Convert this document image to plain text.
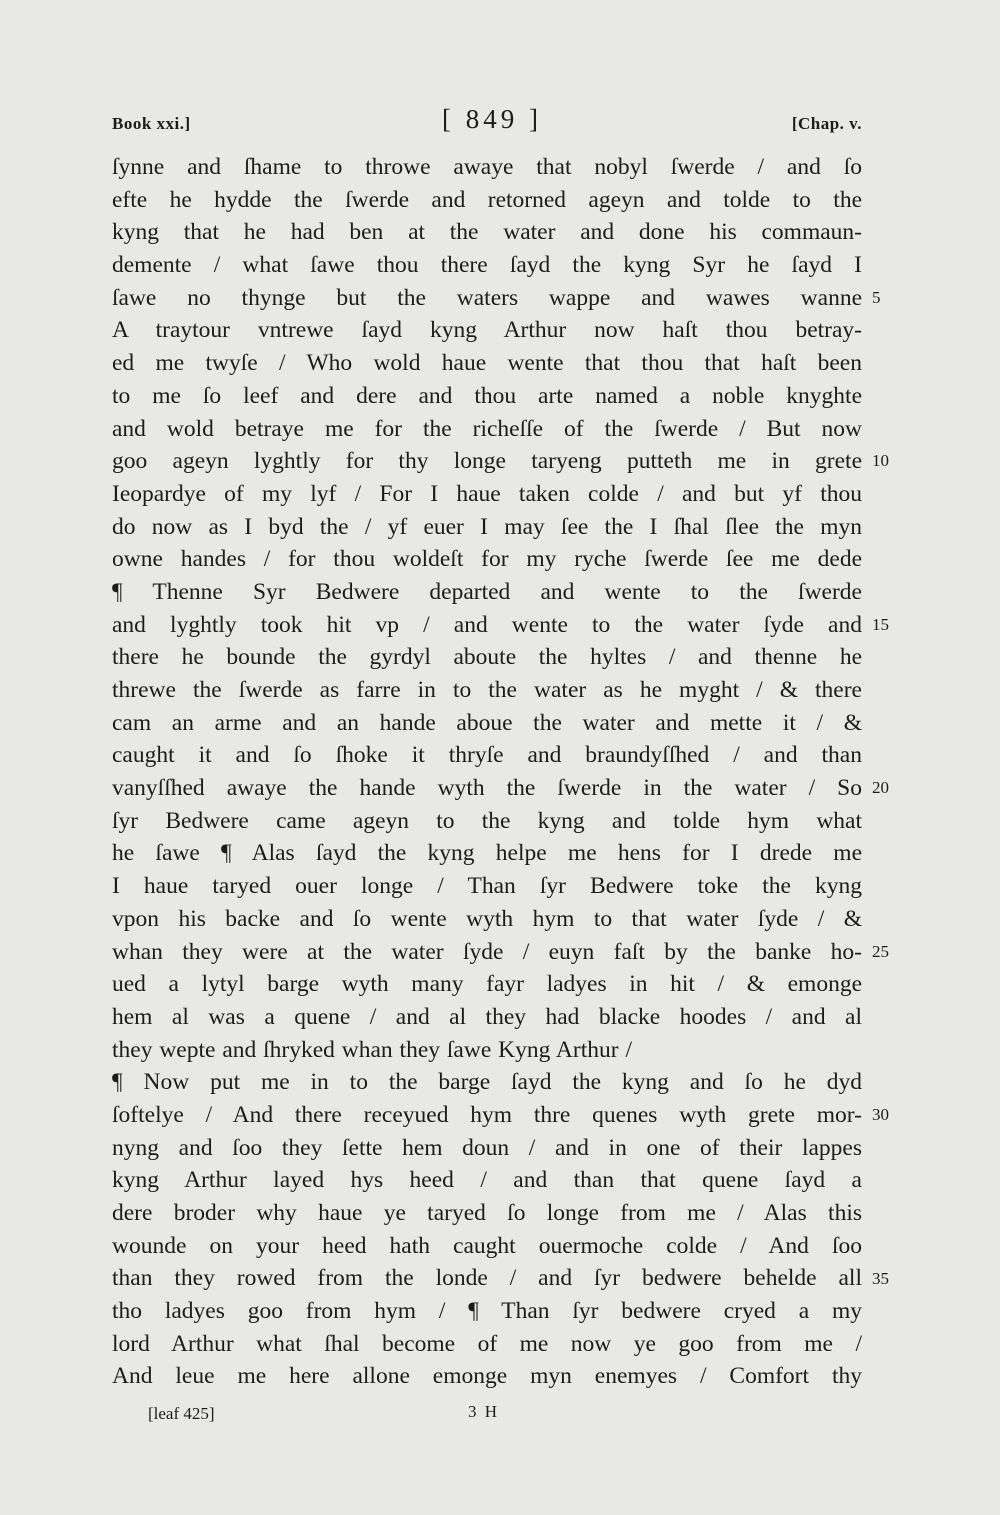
Book xxi.]	[ 849 ]	[Chap. v.
ſynne and ſhame to throwe awaye that nobyl ſwerde / and ſo
efte he hydde the ſwerde and retorned ageyn and tolde to the
kyng that he had ben at the water and done his commaun-
demente / what ſawe thou there ſayd the kyng Syr he ſayd I
ſawe no thynge but the waters wappe and wawes wanne
A traytour vntrewe ſayd kyng Arthur now haſt thou betray-
ed me twyſe / Who wold haue wente that thou that haſt been
to me ſo leef and dere and thou arte named a noble knyghte
and wold betraye me for the richeſſe of the ſwerde / But now
goo ageyn lyghtly for thy longe taryeng putteth me in grete
Ieopardye of my lyf / For I haue taken colde / and but yf thou
do now as I byd the / yf euer I may ſee the I ſhal ſlee the myn
owne handes / for thou woldeſt for my ryche ſwerde ſee me dede
¶ Thenne Syr Bedwere departed and wente to the ſwerde
and lyghtly took hit vp / and wente to the water ſyde and
there he bounde the gyrdyl aboute the hyltes / and thenne he
threwe the ſwerde as farre in to the water as he myght / & there
cam an arme and an hande aboue the water and mette it / &
caught it and ſo ſhoke it thryſe and braundyſſhed / and than
vanyſſhed awaye the hande wyth the ſwerde in the water / So
ſyr Bedwere came ageyn to the kyng and tolde hym what
he ſawe ¶ Alas ſayd the kyng helpe me hens for I drede me
I haue taryed ouer longe / Than ſyr Bedwere toke the kyng
vpon his backe and ſo wente wyth hym to that water ſyde / &
whan they were at the water ſyde / euyn faſt by the banke ho-
ued a lytyl barge wyth many fayr ladyes in hit / & emonge
hem al was a quene / and al they had blacke hoodes / and al
they wepte and ſhryked whan they ſawe Kyng Arthur /
¶ Now put me in to the barge ſayd the kyng and ſo he dyd
ſoftelye / And there receyued hym thre quenes wyth grete mor-
nyng and ſoo they ſette hem doun / and in one of their lappes
kyng Arthur layed hys heed / and than that quene ſayd a
dere broder why haue ye taryed ſo longe from me / Alas this
wounde on your heed hath caught ouermoche colde / And ſoo
than they rowed from the londe / and ſyr bedwere behelde all
tho ladyes goo from hym / ¶ Than ſyr bedwere cryed a my
lord Arthur what ſhal become of me now ye goo from me /
And leue me here allone emonge myn enemyes / Comfort thy
5
10
15
20
25
30
35
[leaf 425]	3 H
